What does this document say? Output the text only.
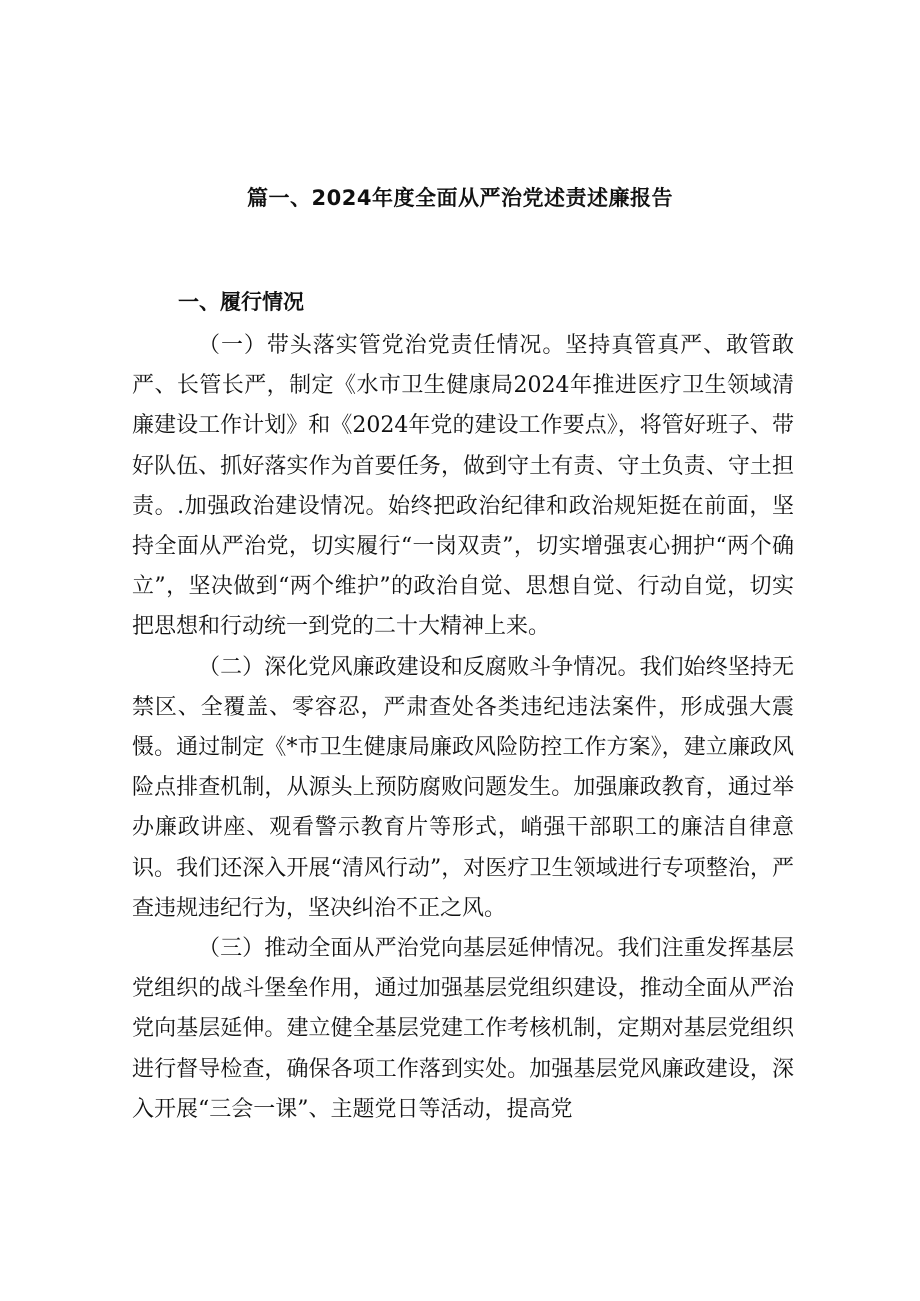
篇一、2024年度全面从严治党述责述廉报告
一、履行情况

（一）带头落实管党治党责任情况。坚持真管真严、敢管敢严、长管长严，制定《水市卫生健康局2024年推进医疗卫生领域清廉建设工作计划》和《2024年党的建设工作要点》，将管好班子、带好队伍、抓好落实作为首要任务，做到守土有责、守土负责、守土担责。.加强政治建设情况。始终把政治纪律和政治规矩挺在前面，坚持全面从严治党，切实履行“一岗双责”，切实增强衷心拥护“两个确立”，坚决做到“两个维护”的政治自觉、思想自觉、行动自觉，切实把思想和行动统一到党的二十大精神上来。

（二）深化党风廉政建设和反腐败斗争情况。我们始终坚持无禁区、全覆盖、零容忍，严肃查处各类违纪违法案件，形成强大震慑。通过制定《*市卫生健康局廉政风险防控工作方案》，建立廉政风险点排查机制，从源头上预防腐败问题发生。加强廉政教育，通过举办廉政讲座、观看警示教育片等形式，峭强干部职工的廉洁自律意识。我们还深入开展“清风行动”，对医疗卫生领域进行专项整治，严查违规违纪行为，坚决纠治不正之风。

（三）推动全面从严治党向基层延伸情况。我们注重发挥基层党组织的战斗堡垒作用，通过加强基层党组织建设，推动全面从严治党向基层延伸。建立健全基层党建工作考核机制，定期对基层党组织进行督导检查，确保各项工作落到实处。加强基层党风廉政建设，深入开展“三会一课”、主题党日等活动，提高党
